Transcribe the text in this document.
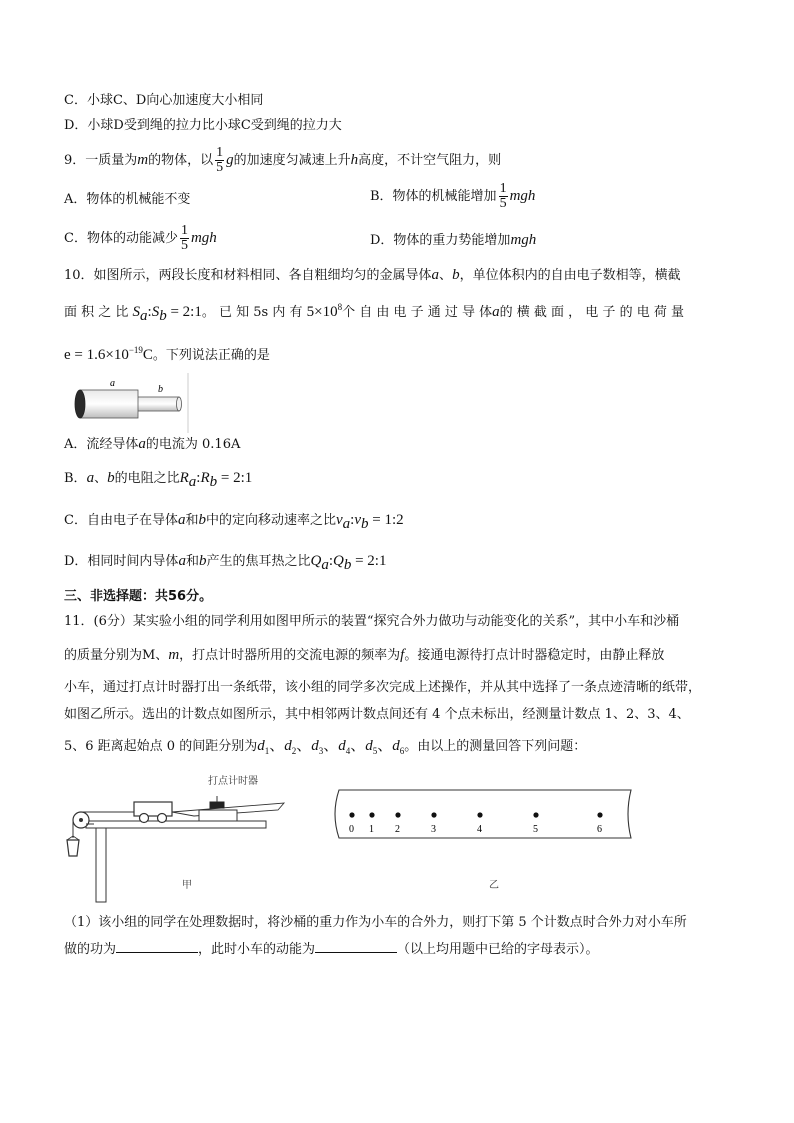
C．小球C、D向心加速度大小相同
D．小球D受到绳的拉力比小球C受到绳的拉力大
9．一质量为m的物体，以 $\frac{1}{5}$ g的加速度匀减速上升h高度，不计空气阻力，则
A．物体的机械能不变	B．物体的机械能增加 $\frac{1}{5}$ mgh
C．物体的动能减少 $\frac{1}{5}$ mgh	D．物体的重力势能增加mgh
10．如图所示，两段长度和材料相同、各自粗细均匀的金属导体a、b，单位体积内的自由电子数相等，横截
面 积 之 比 $S_a:S_b$ = 2:1。 已 知 5s 内 有 $5\times 10^8$个 自 由 电 子 通 过 导 体a的 横 截 面 ， 电 子 的 电 荷 量
$e = 1.6\times 10^{-19}C$。下列说法正确的是
a
b
A．流经导体a的电流为 0.16A
B．a、b的电阻之比$R_a:R_b$ = 2:1
C．自由电子在导体a和b中的定向移动速率之比$v_a:v_b$ = 1:2
D．相同时间内导体a和b产生的焦耳热之比$Q_a:Q_b$ = 2:1
三、非选择题：共56分。
11．(6分）某实验小组的同学利用如图甲所示的装置“探究合外力做功与动能变化的关系”，其中小车和沙桶
的质量分别为M、m，打点计时器所用的交流电源的频率为f。接通电源待打点计时器稳定时，由静止释放
小车，通过打点计时器打出一条纸带，该小组的同学多次完成上述操作，并从其中选择了一条点迹清晰的纸带，
如图乙所示。选出的计数点如图所示，其中相邻两计数点间还有 4 个点未标出，经测量计数点 1、2、3、4、
5、6 距离起始点 0 的间距分别为$d_1$、$d_2$、$d_3$、$d_4$、$d_5$、$d_6$。由以上的测量回答下列问题：
打点计时器
甲
0 1 2	3	4	5	6
乙
（1）该小组的同学在处理数据时，将沙桶的重力作为小车的合外力，则打下第 5 个计数点时合外力对小车所
做的功为	，此时小车的动能为	（以上均用题中已给的字母表示）。
